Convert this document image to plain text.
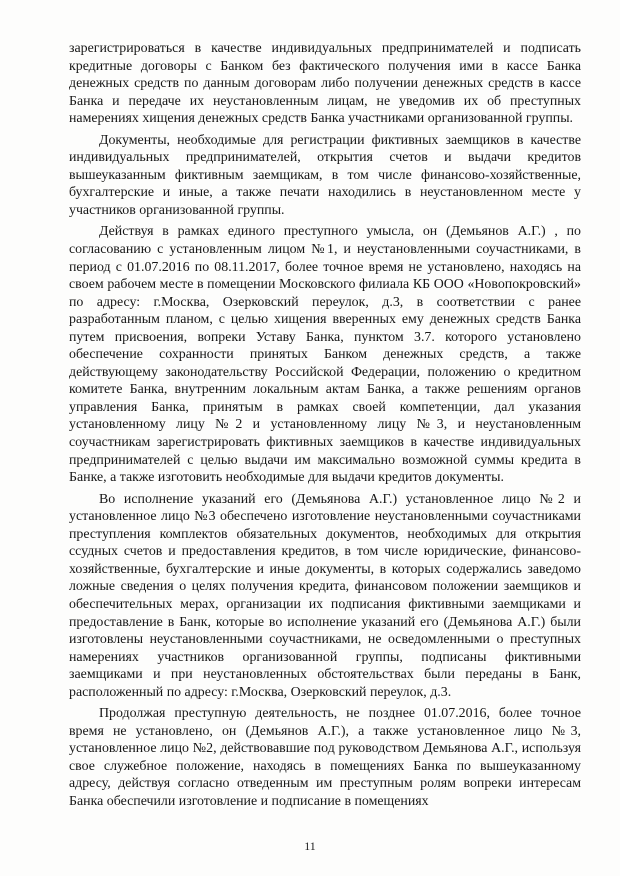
зарегистрироваться в качестве индивидуальных предпринимателей и подписать кредитные договоры с Банком без фактического получения ими в кассе Банка денежных средств по данным договорам либо получении денежных средств в кассе Банка и передаче их неустановленным лицам, не уведомив их об преступных намерениях хищения денежных средств Банка участниками организованной группы.

Документы, необходимые для регистрации фиктивных заемщиков в качестве индивидуальных предпринимателей, открытия счетов и выдачи кредитов вышеуказанным фиктивным заемщикам, в том числе финансово-хозяйственные, бухгалтерские и иные, а также печати находились в неустановленном месте у участников организованной группы.

Действуя в рамках единого преступного умысла, он (Демьянов А.Г.) , по согласованию с установленным лицом №1, и неустановленными соучастниками, в период с 01.07.2016 по 08.11.2017, более точное время не установлено, находясь на своем рабочем месте в помещении Московского филиала КБ ООО «Новопокровский» по адресу: г.Москва, Озерковский переулок, д.3, в соответствии с ранее разработанным планом, с целью хищения вверенных ему денежных средств Банка путем присвоения, вопреки Уставу Банка, пунктом 3.7. которого установлено обеспечение сохранности принятых Банком денежных средств, а также действующему законодательству Российской Федерации, положению о кредитном комитете Банка, внутренним локальным актам Банка, а также решениям органов управления Банка, принятым в рамках своей компетенции, дал указания установленному лицу №2 и установленному лицу №3, и неустановленным соучастникам зарегистрировать фиктивных заемщиков в качестве индивидуальных предпринимателей с целью выдачи им максимально возможной суммы кредита в Банке, а также изготовить необходимые для выдачи кредитов документы.

Во исполнение указаний его (Демьянова А.Г.) установленное лицо №2 и установленное лицо №3 обеспечено изготовление неустановленными соучастниками преступления комплектов обязательных документов, необходимых для открытия ссудных счетов и предоставления кредитов, в том числе юридические, финансово-хозяйственные, бухгалтерские и иные документы, в которых содержались заведомо ложные сведения о целях получения кредита, финансовом положении заемщиков и обеспечительных мерах, организации их подписания фиктивными заемщиками и предоставление в Банк, которые во исполнение указаний его (Демьянова А.Г.) были изготовлены неустановленными соучастниками, не осведомленными о преступных намерениях участников организованной группы, подписаны фиктивными заемщиками и при неустановленных обстоятельствах были переданы в Банк, расположенный по адресу: г.Москва, Озерковский переулок, д.3.

Продолжая преступную деятельность, не позднее 01.07.2016, более точное время не установлено, он (Демьянов А.Г.), а также установленное лицо №3, установленное лицо №2, действовавшие под руководством Демьянова А.Г., используя свое служебное положение, находясь в помещениях Банка по вышеуказанному адресу, действуя согласно отведенным им преступным ролям вопреки интересам Банка обеспечили изготовление и подписание в помещениях

11
